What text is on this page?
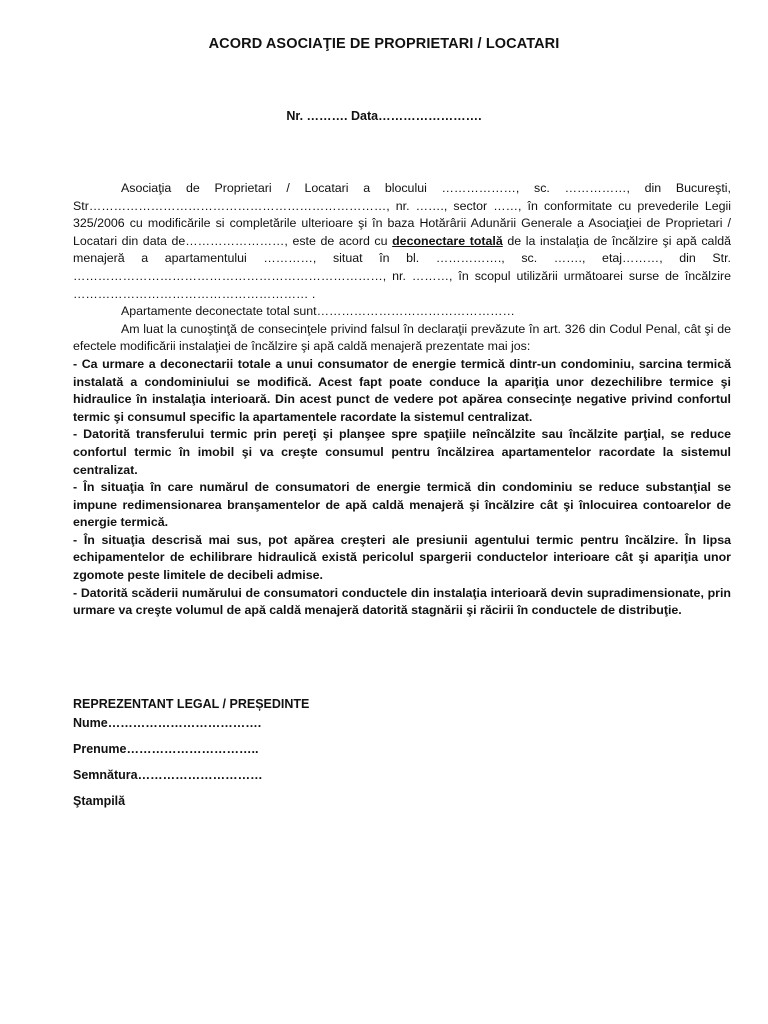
ACORD ASOCIAŢIE DE PROPRIETARI / LOCATARI
Nr. ………. Data…………………….

Asociaţia de Proprietari / Locatari a blocului ………………, sc. ……………, din Bucureşti, Str………………………………………………………………, nr. ……., sector ……, în conformitate cu prevederile Legii 325/2006 cu modificările si completările ulterioare şi în baza Hotărârii Adunării Generale a Asociaţiei de Proprietari / Locatari din data de……………………, este de acord cu deconectare totală de la instalaţia de încălzire şi apă caldă menajeră a apartamentului …………, situat în bl. ……………., sc. ……., etaj………, din Str. …………………………………………………………………, nr. ………, în scopul utilizării următoarei surse de încălzire ………………………………………………… .

Apartamente deconectate total sunt…………………………………………

Am luat la cunoştinţă de consecinţele privind falsul în declaraţii prevăzute în art. 326 din Codul Penal, cât şi de efectele modificării instalaţiei de încălzire şi apă caldă menajeră prezentate mai jos:

- Ca urmare a deconectarii totale a unui consumator de energie termică dintr-un condominiu, sarcina termică instalată a condominiului se modifică. Acest fapt poate conduce la apariţia unor dezechilibre termice şi hidraulice în instalaţia interioară. Din acest punct de vedere pot apărea consecinţe negative privind confortul termic şi consumul specific la apartamentele racordate la sistemul centralizat.

- Datorită transferului termic prin pereţi şi planşee spre spaţiile neîncălzite sau încălzite parţial, se reduce confortul termic în imobil şi va creşte consumul pentru încălzirea apartamentelor racordate la sistemul centralizat.

- În situaţia în care numărul de consumatori de energie termică din condominiu se reduce substanţial se impune redimensionarea branşamentelor de apă caldă menajeră şi încălzire cât şi înlocuirea contoarelor de energie termică.

- În situaţia descrisă mai sus, pot apărea creşteri ale presiunii agentului termic pentru încălzire. În lipsa echipamentelor de echilibrare hidraulică există pericolul spargerii conductelor interioare cât şi apariţia unor zgomote peste limitele de decibeli admise.

- Datorită scăderii numărului de consumatori conductele din instalaţia interioară devin supradimensionate, prin urmare va creşte volumul de apă caldă menajeră datorită stagnării şi răcirii în conductele de distribuţie.

REPREZENTANT LEGAL / PREȘEDINTE
Nume……………………………….
Prenume…………………………..
Semnătura…………………………
Ştampilă
